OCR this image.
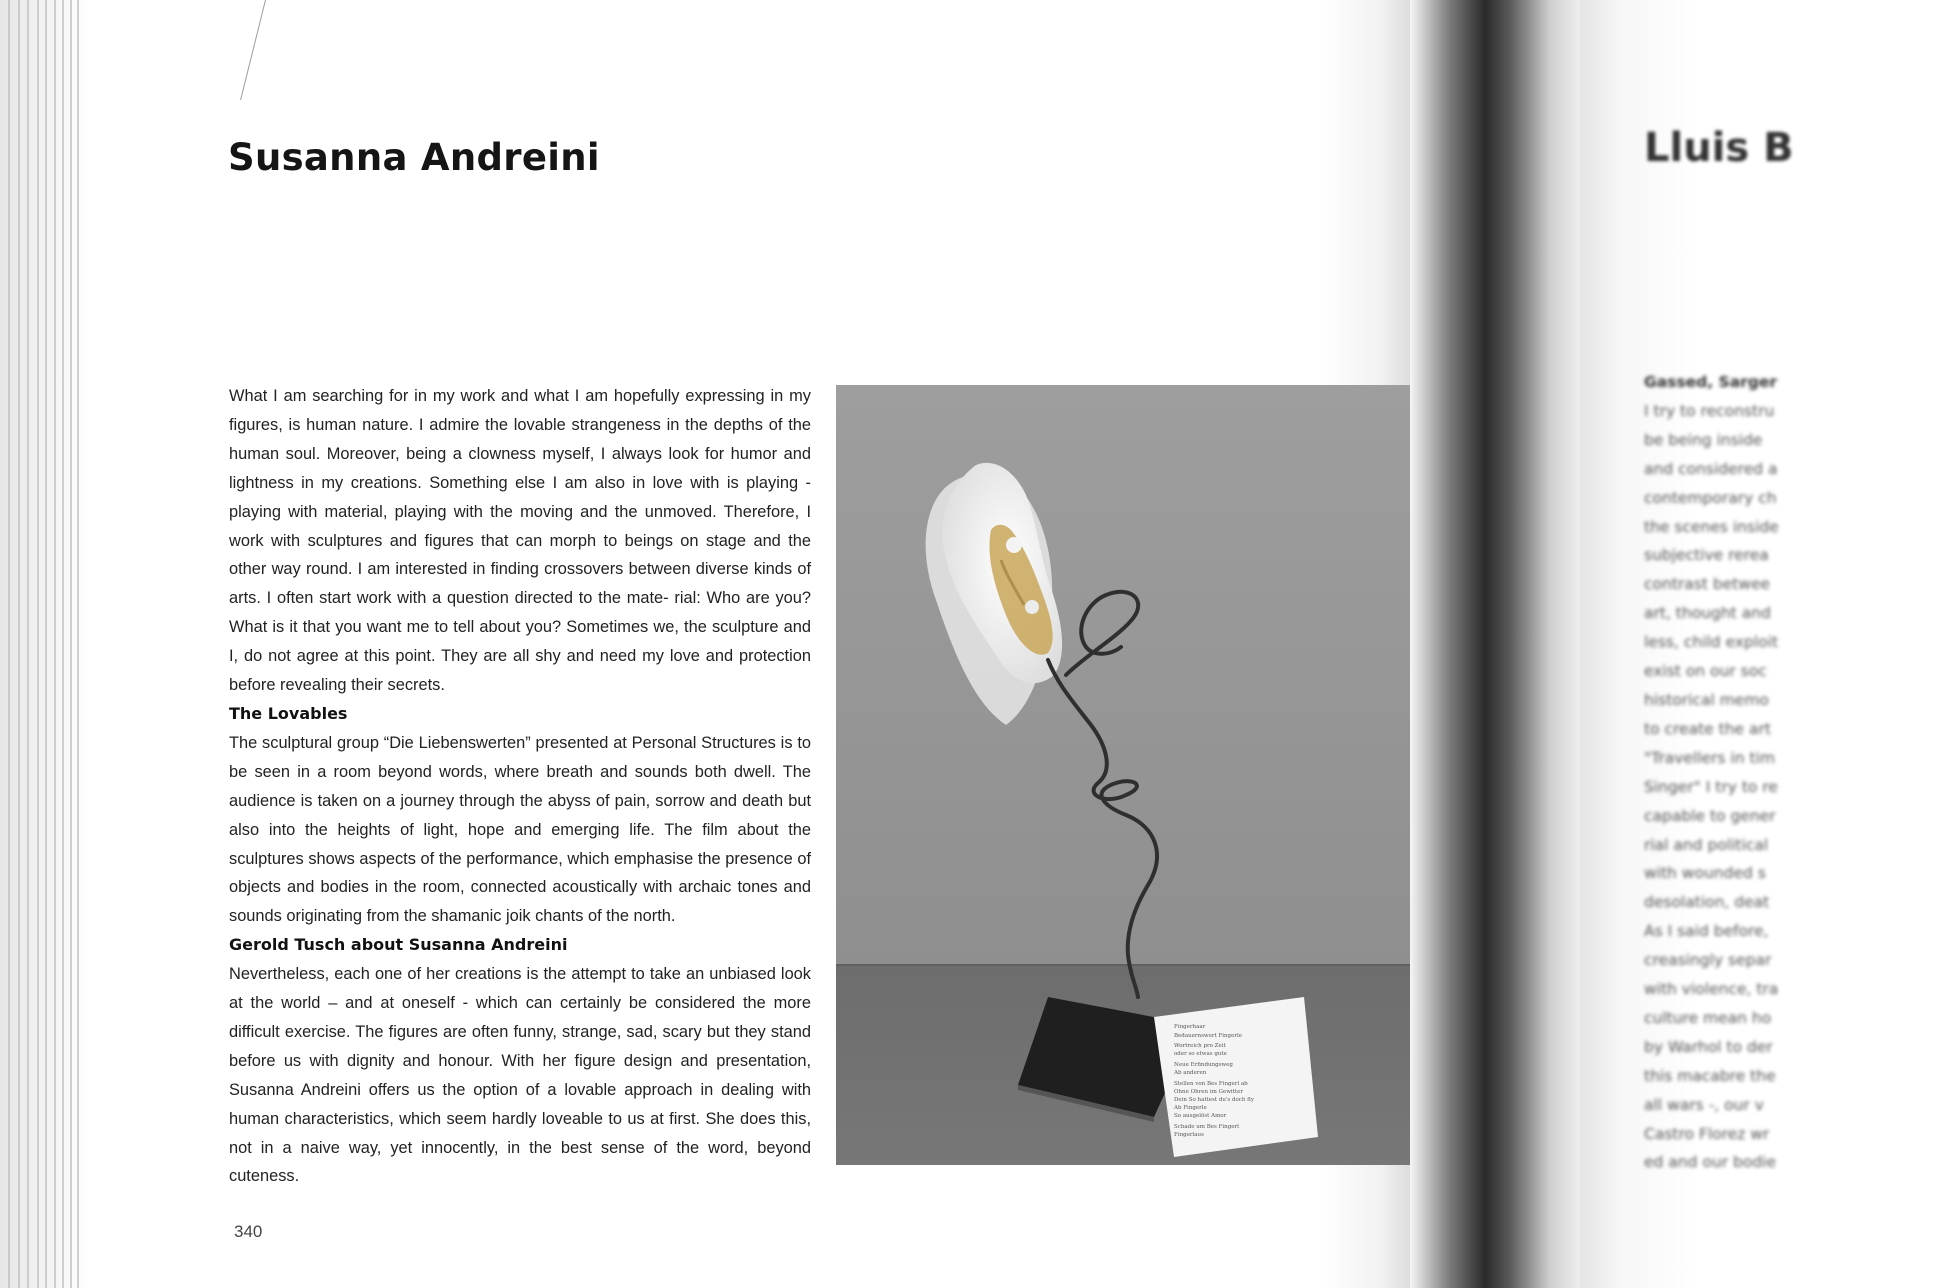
Susanna Andreini

What I am searching for in my work and what I am hopefully expressing in my figures, is human nature. I admire the lovable strangeness in the depths of the human soul. Moreover, being a clowness myself, I always look for humor and lightness in my creations. Something else I am also in love with is playing - playing with material, playing with the moving and the unmoved. Therefore, I work with sculptures and figures that can morph to beings on stage and the other way round. I am interested in finding crossovers between diverse kinds of arts. I often start work with a question directed to the mate- rial: Who are you? What is it that you want me to tell about you? Sometimes we, the sculpture and I, do not agree at this point. They are all shy and need my love and protection before revealing their secrets.

The Lovables

The sculptural group “Die Liebenswerten” presented at Personal Structures is to be seen in a room beyond words, where breath and sounds both dwell. The audience is taken on a journey through the abyss of pain, sorrow and death but also into the heights of light, hope and emerging life. The film about the sculptures shows aspects of the performance, which emphasise the presence of objects and bodies in the room, connected acoustically with archaic tones and sounds originating from the shamanic joik chants of the north.

Gerold Tusch about Susanna Andreini

Nevertheless, each one of her creations is the attempt to take an unbiased look at the world – and at oneself - which can certainly be considered the more difficult exercise. The figures are often funny, strange, sad, scary but they stand before us with dignity and honour. With her figure design and presentation, Susanna Andreini offers us the option of a lovable approach in dealing with human characteristics, which seem hardly loveable to us at first. She does this, not in a naive way, yet innocently, in the best sense of the word, beyond cuteness.

340
Fingerhaar
Bedauernswert Fingerle
Wortreich pro Zeit
oder so etwas gute
Neue Erfindungsweg
Ab anderen
Stellen von Bes Fingerl ab
Ohne Ohren im Gewitter
Dein So hattest du's doch fly
Ab Fingerle
So ausgelöst Amor
Schade um Bes Fingerl
Fingerlaus
Lluis B
Gassed, Sarger
I try to reconstru
be being inside
and considered a
contemporary ch
the scenes inside
subjective rerea
contrast betwee
art, thought and
less, child exploit
exist on our soc
historical memo
to create the art
"Travellers in tim
Singer" I try to re
capable to gener
rial and political
with wounded s
desolation, deat
As I said before,
creasingly separ
with violence, tra
culture mean ho
by Warhol to der
this macabre the
all wars -, our v
Castro Florez wr
ed and our bodie
